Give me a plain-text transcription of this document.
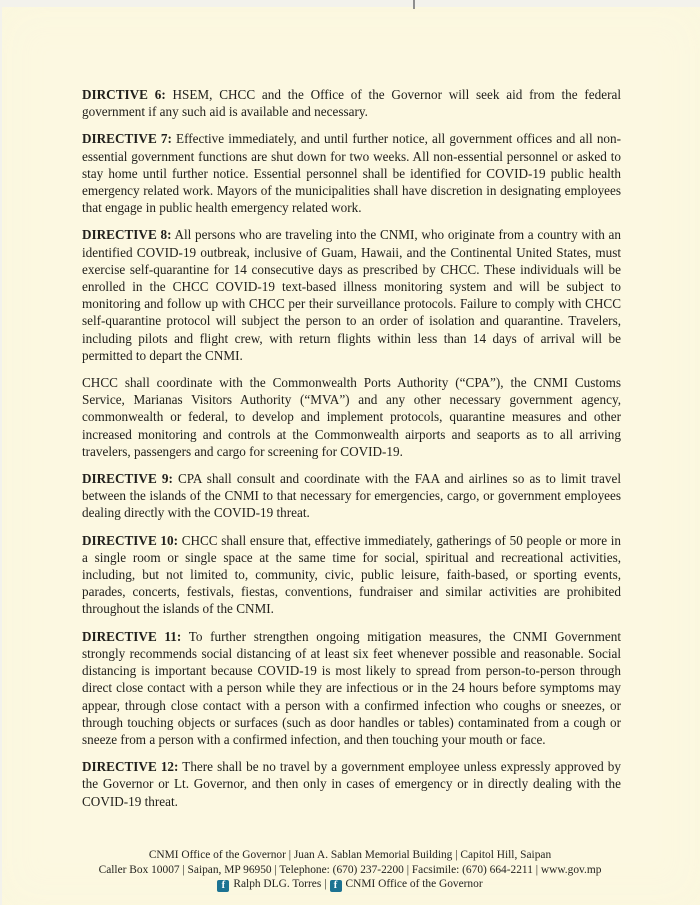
DIRCTIVE 6: HSEM, CHCC and the Office of the Governor will seek aid from the federal government if any such aid is available and necessary.

DIRECTIVE 7: Effective immediately, and until further notice, all government offices and all non-essential government functions are shut down for two weeks. All non-essential personnel or asked to stay home until further notice. Essential personnel shall be identified for COVID-19 public health emergency related work. Mayors of the municipalities shall have discretion in designating employees that engage in public health emergency related work.

DIRECTIVE 8: All persons who are traveling into the CNMI, who originate from a country with an identified COVID-19 outbreak, inclusive of Guam, Hawaii, and the Continental United States, must exercise self-quarantine for 14 consecutive days as prescribed by CHCC. These individuals will be enrolled in the CHCC COVID-19 text-based illness monitoring system and will be subject to monitoring and follow up with CHCC per their surveillance protocols. Failure to comply with CHCC self-quarantine protocol will subject the person to an order of isolation and quarantine. Travelers, including pilots and flight crew, with return flights within less than 14 days of arrival will be permitted to depart the CNMI.

CHCC shall coordinate with the Commonwealth Ports Authority (“CPA”), the CNMI Customs Service, Marianas Visitors Authority (“MVA”) and any other necessary government agency, commonwealth or federal, to develop and implement protocols, quarantine measures and other increased monitoring and controls at the Commonwealth airports and seaports as to all arriving travelers, passengers and cargo for screening for COVID-19.

DIRECTIVE 9: CPA shall consult and coordinate with the FAA and airlines so as to limit travel between the islands of the CNMI to that necessary for emergencies, cargo, or government employees dealing directly with the COVID-19 threat.

DIRECTIVE 10: CHCC shall ensure that, effective immediately, gatherings of 50 people or more in a single room or single space at the same time for social, spiritual and recreational activities, including, but not limited to, community, civic, public leisure, faith-based, or sporting events, parades, concerts, festivals, fiestas, conventions, fundraiser and similar activities are prohibited throughout the islands of the CNMI.

DIRECTIVE 11: To further strengthen ongoing mitigation measures, the CNMI Government strongly recommends social distancing of at least six feet whenever possible and reasonable. Social distancing is important because COVID-19 is most likely to spread from person-to-person through direct close contact with a person while they are infectious or in the 24 hours before symptoms may appear, through close contact with a person with a confirmed infection who coughs or sneezes, or through touching objects or surfaces (such as door handles or tables) contaminated from a cough or sneeze from a person with a confirmed infection, and then touching your mouth or face.

DIRECTIVE 12: There shall be no travel by a government employee unless expressly approved by the Governor or Lt. Governor, and then only in cases of emergency or in directly dealing with the COVID-19 threat.

CNMI Office of the Governor | Juan A. Sablan Memorial Building | Capitol Hill, Saipan
Caller Box 10007 | Saipan, MP 96950 | Telephone: (670) 237-2200 | Facsimile: (670) 664-2211 | www.gov.mp
f Ralph DLG. Torres | f CNMI Office of the Governor
